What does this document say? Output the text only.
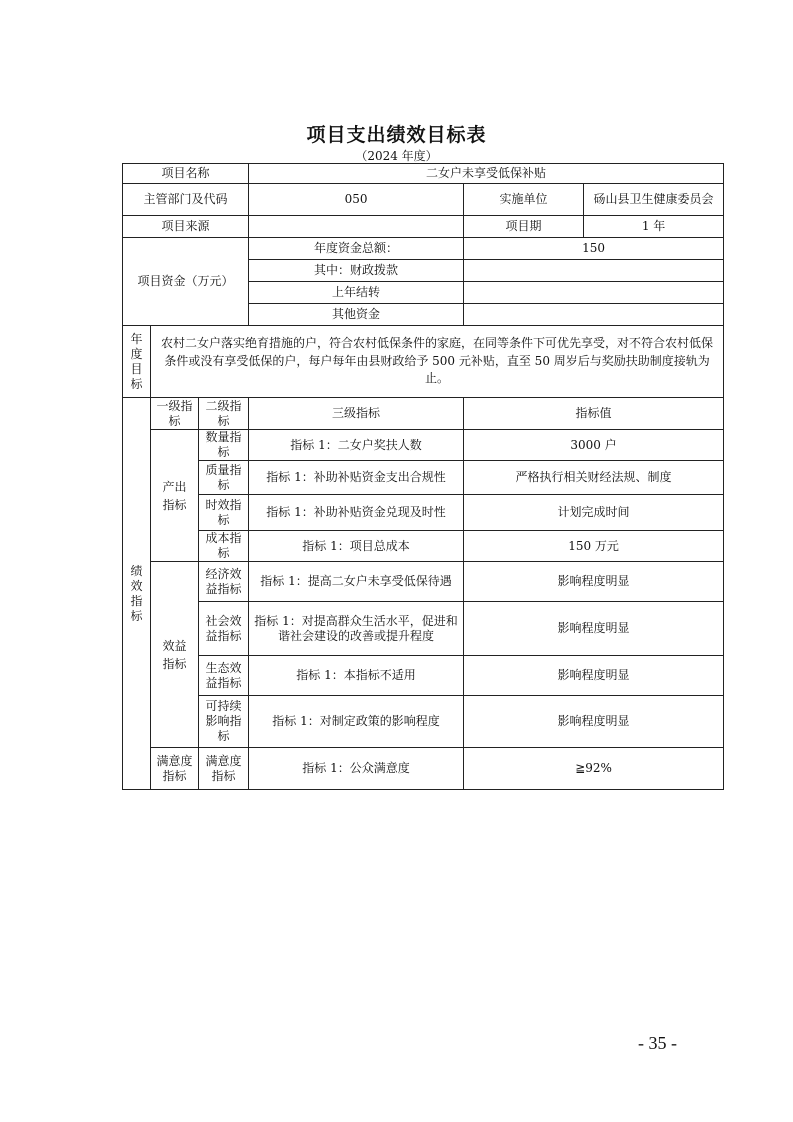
项目支出绩效目标表
（2024 年度）
项目名称			二女户未享受低保补贴		
主管部门及代码			050	实施单位	砀山县卫生健康委员会
项目来源				项目期	1 年
项目资金（万元）			年度资金总额：	150	
			其中：财政拨款		
			上年结转		
			其他资金		
年度目标	农村二女户落实绝育措施的户，符合农村低保条件的家庭，在同等条件下可优先享受，对不符合农村低保条件或没有享受低保的户，每户每年由县财政给予 500 元补贴，直至 50 周岁后与奖励扶助制度接轨为止。				
绩效指标	一级指标	二级指标	三级指标	指标值	
	产出指标	数量指标	指标 1：二女户奖扶人数	3000 户	
		质量指标	指标 1：补助补贴资金支出合规性	严格执行相关财经法规、制度	
		时效指标	指标 1：补助补贴资金兑现及时性	计划完成时间	
		成本指标	指标 1：项目总成本	150 万元	
	效益指标	经济效益指标	指标 1：提高二女户未享受低保待遇	影响程度明显	
		社会效益指标	指标 1：对提高群众生活水平，促进和谐社会建设的改善或提升程度	影响程度明显	
		生态效益指标	指标 1：本指标不适用	影响程度明显	
		可持续影响指标	指标 1：对制定政策的影响程度	影响程度明显	
	满意度指标	满意度指标	指标 1：公众满意度	≧92%	
- 35 -
